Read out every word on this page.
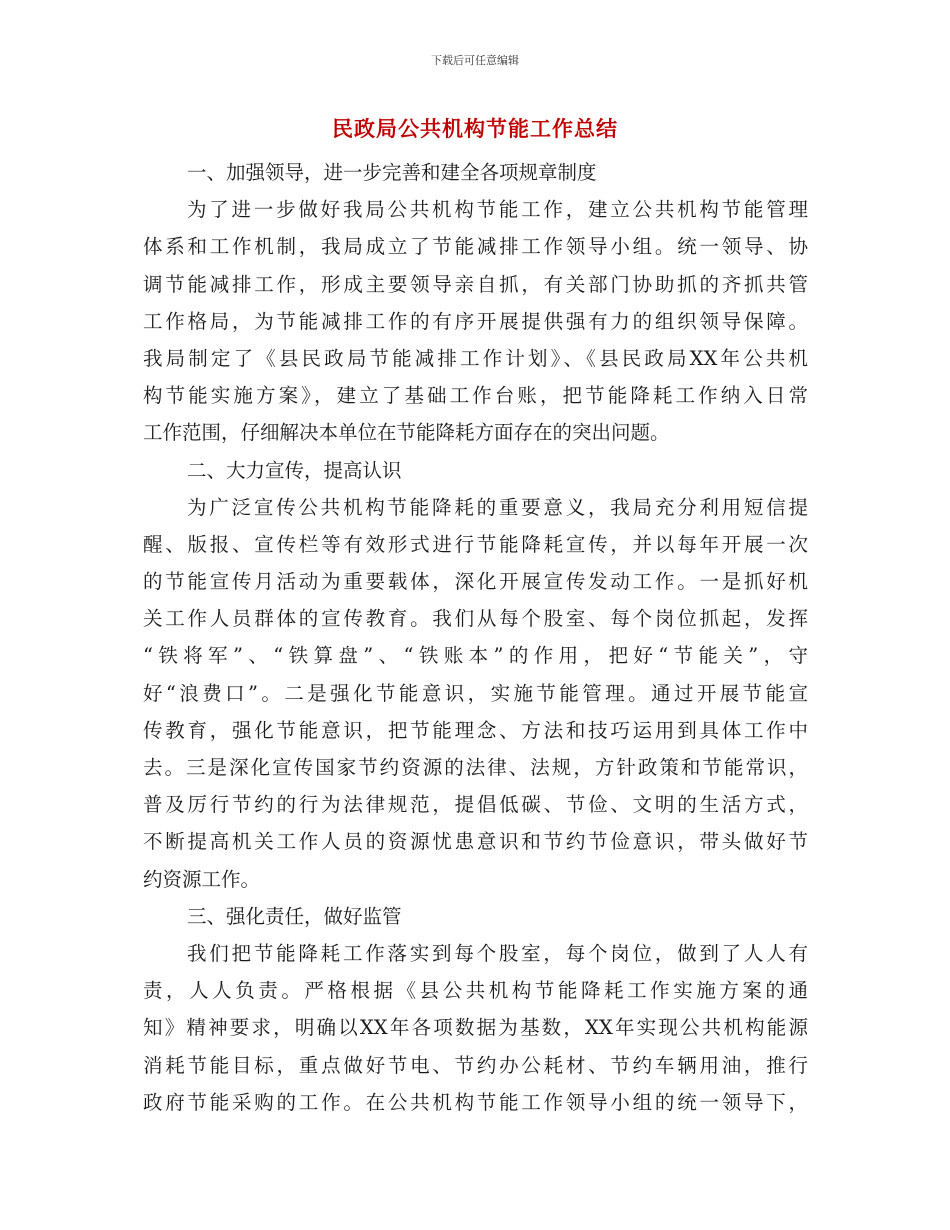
下载后可任意编辑
民政局公共机构节能工作总结
一、加强领导，进一步完善和建全各项规章制度
为了进一步做好我局公共机构节能工作，建立公共机构节能管理
体系和工作机制，我局成立了节能减排工作领导小组。统一领导、协
调节能减排工作，形成主要领导亲自抓，有关部门协助抓的齐抓共管
工作格局，为节能减排工作的有序开展提供强有力的组织领导保障。
我局制定了《县民政局节能减排工作计划》、《县民政局XX年公共机
构节能实施方案》，建立了基础工作台账，把节能降耗工作纳入日常
工作范围，仔细解决本单位在节能降耗方面存在的突出问题。
二、大力宣传，提高认识
为广泛宣传公共机构节能降耗的重要意义，我局充分利用短信提
醒、版报、宣传栏等有效形式进行节能降耗宣传，并以每年开展一次
的节能宣传月活动为重要载体，深化开展宣传发动工作。一是抓好机
关工作人员群体的宣传教育。我们从每个股室、每个岗位抓起，发挥
“铁将军”、“铁算盘”、“铁账本”的作用，把好“节能关”，守
好“浪费口”。二是强化节能意识，实施节能管理。通过开展节能宣
传教育，强化节能意识，把节能理念、方法和技巧运用到具体工作中
去。三是深化宣传国家节约资源的法律、法规，方针政策和节能常识，
普及厉行节约的行为法律规范，提倡低碳、节俭、文明的生活方式，
不断提高机关工作人员的资源忧患意识和节约节俭意识，带头做好节
约资源工作。
三、强化责任，做好监管
我们把节能降耗工作落实到每个股室，每个岗位，做到了人人有
责，人人负责。严格根据《县公共机构节能降耗工作实施方案的通
知》精神要求，明确以XX年各项数据为基数，XX年实现公共机构能源
消耗节能目标，重点做好节电、节约办公耗材、节约车辆用油，推行
政府节能采购的工作。在公共机构节能工作领导小组的统一领导下，
